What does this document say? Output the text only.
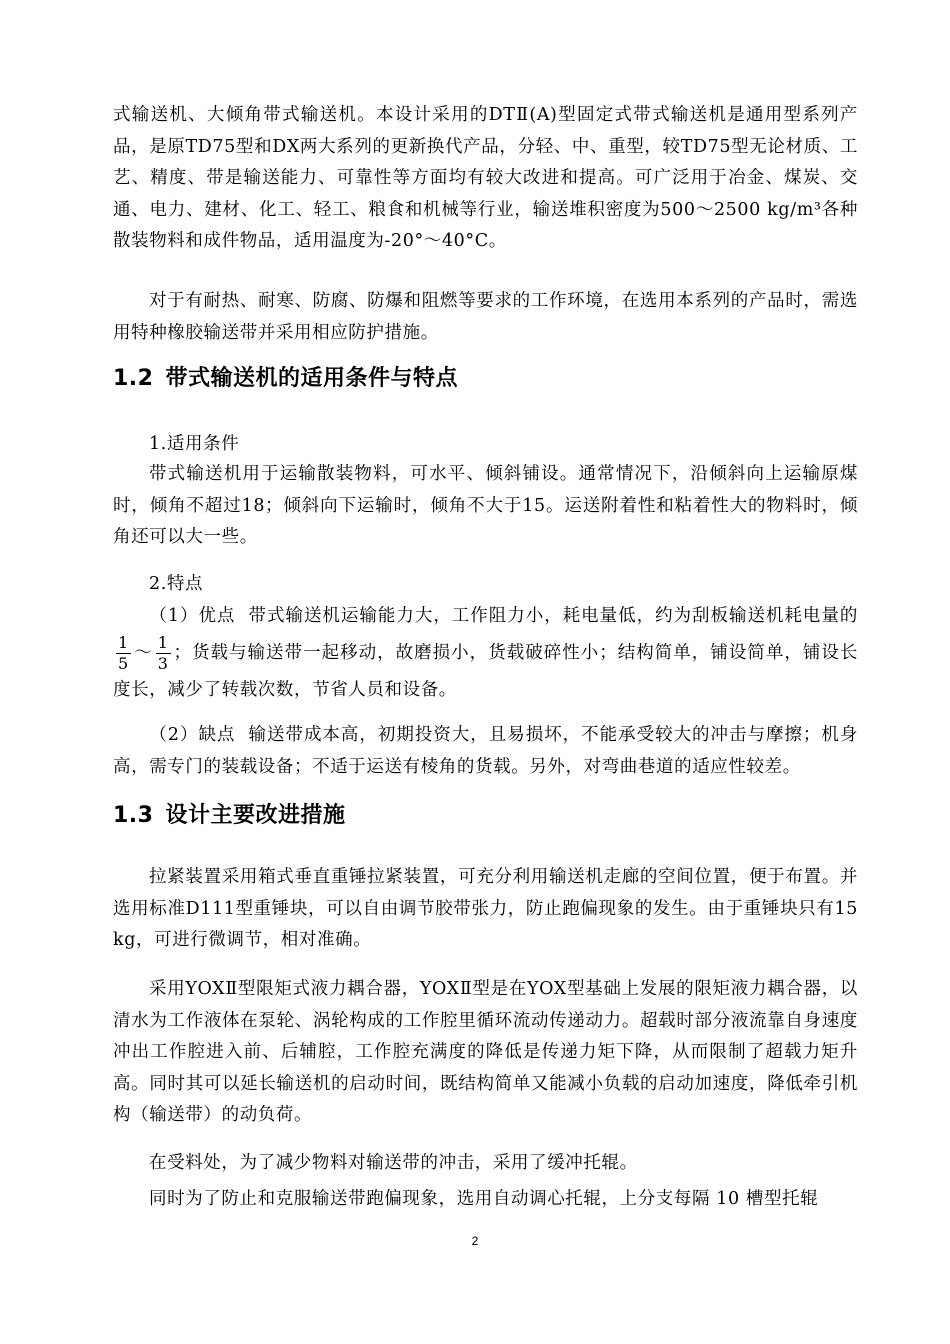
式输送机、大倾角带式输送机。本设计采用的DTⅡ(A)型固定式带式输送机是通用型系列产品，是原TD75型和DX两大系列的更新换代产品，分轻、中、重型，较TD75型无论材质、工艺、精度、带是输送能力、可靠性等方面均有较大改进和提高。可广泛用于冶金、煤炭、交通、电力、建材、化工、轻工、粮食和机械等行业，输送堆积密度为500～2500 kg/m³各种散装物料和成件物品，适用温度为-20°～40°C。

对于有耐热、耐寒、防腐、防爆和阻燃等要求的工作环境，在选用本系列的产品时，需选用特种橡胶输送带并采用相应防护措施。

1.2 带式输送机的适用条件与特点

1.适用条件

带式输送机用于运输散装物料，可水平、倾斜铺设。通常情况下，沿倾斜向上运输原煤时，倾角不超过18；倾斜向下运输时，倾角不大于15。运送附着性和粘着性大的物料时，倾角还可以大一些。

2.特点

（1）优点 带式输送机运输能力大，工作阻力小，耗电量低，约为刮板输送机耗电量的
$\frac{1}{5}$ ～ $\frac{1}{3}$ ；货载与输送带一起移动，故磨损小，货载破碎性小；结构简单，铺设简单，铺设长度长，减少了转载次数，节省人员和设备。

（2）缺点 输送带成本高，初期投资大，且易损坏，不能承受较大的冲击与摩擦；机身高，需专门的装载设备；不适于运送有棱角的货载。另外，对弯曲巷道的适应性较差。

1.3 设计主要改进措施

拉紧装置采用箱式垂直重锤拉紧装置，可充分利用输送机走廊的空间位置，便于布置。并选用标准D111型重锤块，可以自由调节胶带张力，防止跑偏现象的发生。由于重锤块只有15 kg，可进行微调节，相对准确。

采用YOXⅡ型限矩式液力耦合器，YOXⅡ型是在YOX型基础上发展的限矩液力耦合器，以清水为工作液体在泵轮、涡轮构成的工作腔里循环流动传递动力。超载时部分液流靠自身速度冲出工作腔进入前、后辅腔，工作腔充满度的降低是传递力矩下降，从而限制了超载力矩升高。同时其可以延长输送机的启动时间，既结构简单又能减小负载的启动加速度，降低牵引机构（输送带）的动负荷。

在受料处，为了减少物料对输送带的冲击，采用了缓冲托辊。

同时为了防止和克服输送带跑偏现象，选用自动调心托辊，上分支每隔 10 槽型托辊

2
